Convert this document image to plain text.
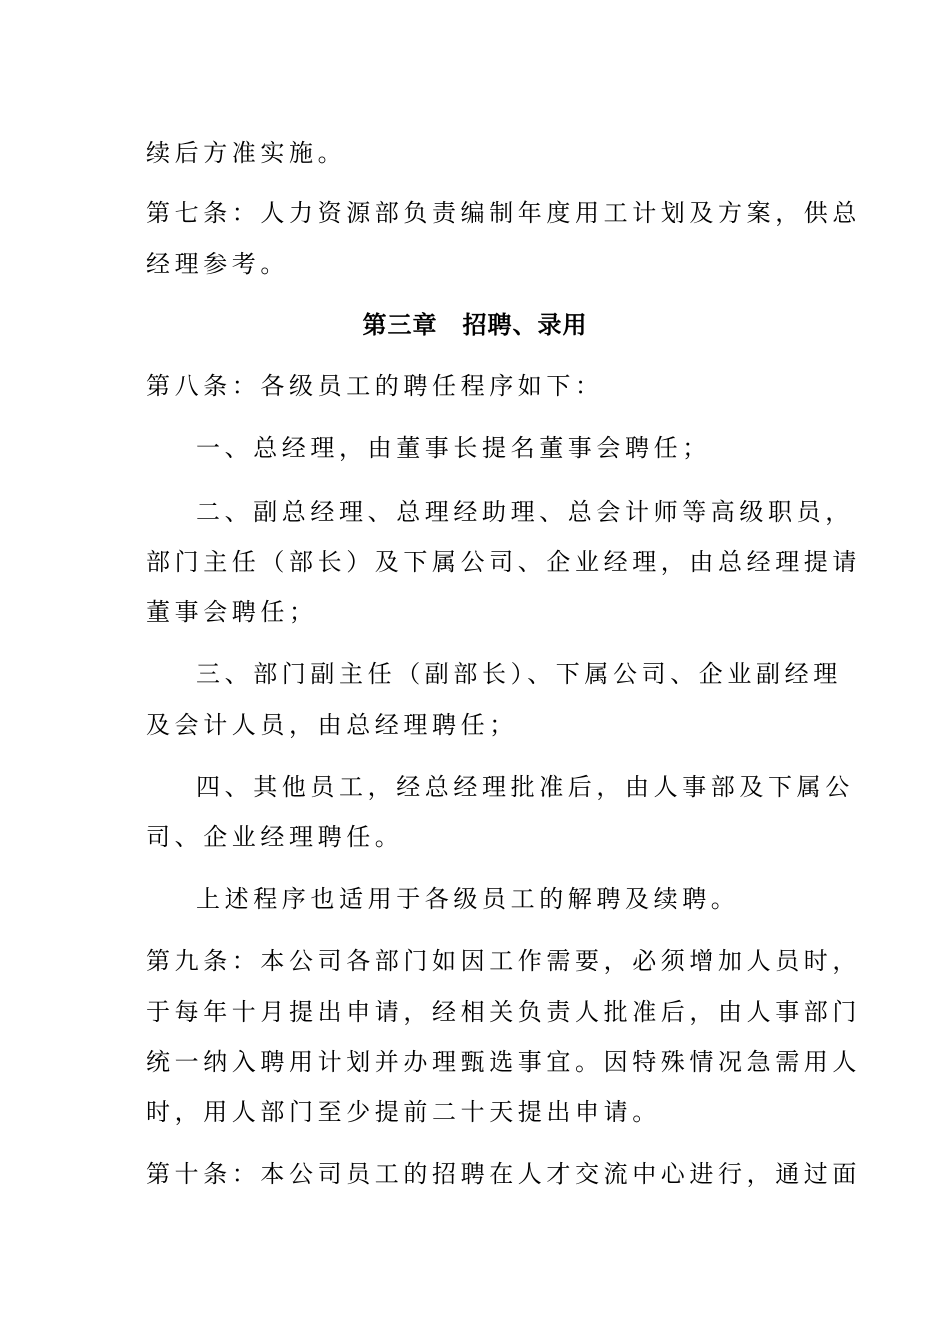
续后方准实施。
第七条：人力资源部负责编制年度用工计划及方案，供总
经理参考。
第三章　招聘、录用
第八条：各级员工的聘任程序如下：
一、总经理，由董事长提名董事会聘任；
二、副总经理、总理经助理、总会计师等高级职员，
部门主任（部长）及下属公司、企业经理，由总经理提请
董事会聘任；
三、部门副主任（副部长）、下属公司、企业副经理
及会计人员，由总经理聘任；
四、其他员工，经总经理批准后，由人事部及下属公
司、企业经理聘任。
上述程序也适用于各级员工的解聘及续聘。
第九条：本公司各部门如因工作需要，必须增加人员时，
于每年十月提出申请，经相关负责人批准后，由人事部门
统一纳入聘用计划并办理甄选事宜。因特殊情况急需用人
时，用人部门至少提前二十天提出申请。
第十条：本公司员工的招聘在人才交流中心进行，通过面
